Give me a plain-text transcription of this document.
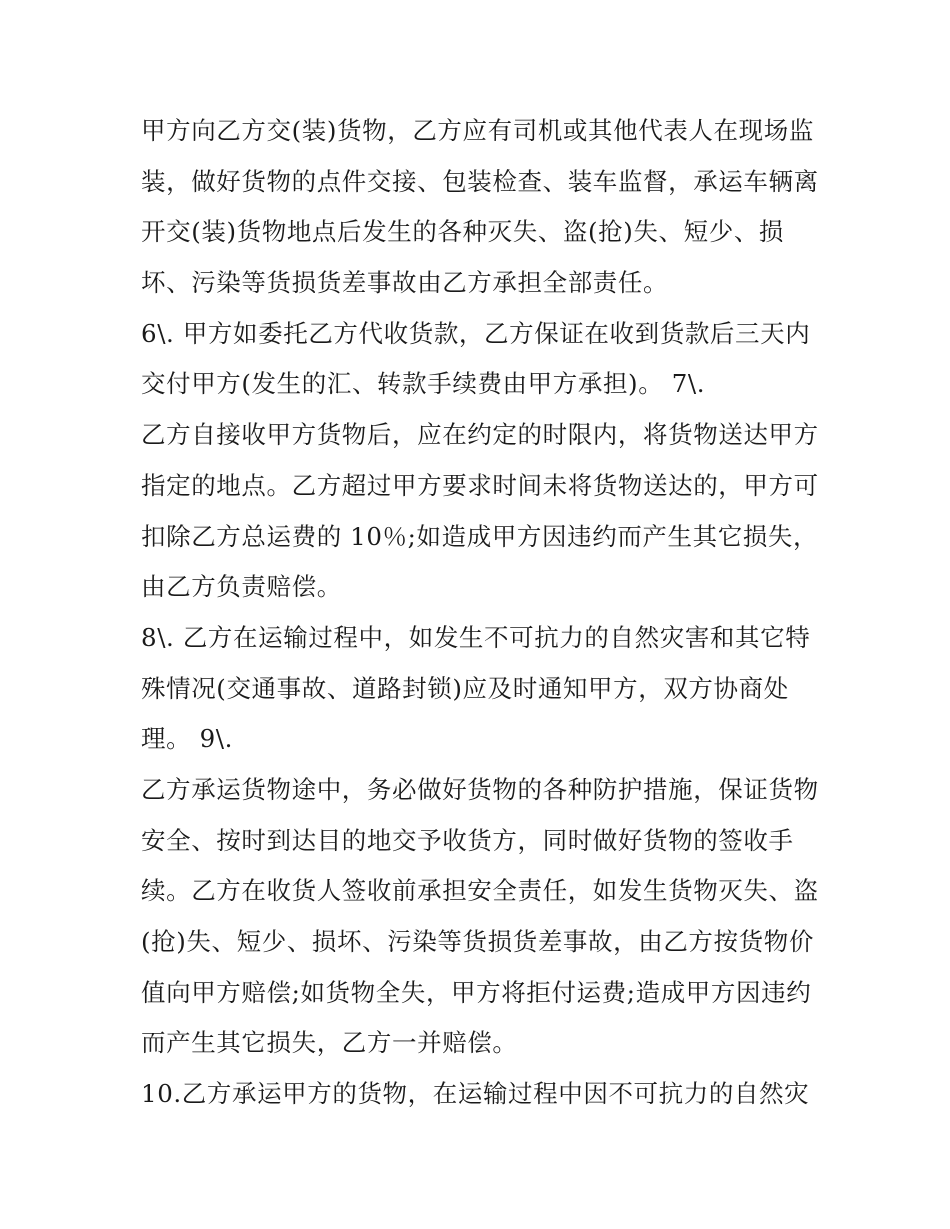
甲方向乙方交(装)货物，乙方应有司机或其他代表人在现场监
装，做好货物的点件交接、包装检查、装车监督，承运车辆离
开交(装)货物地点后发生的各种灭失、盗(抢)失、短少、损
坏、污染等货损货差事故由乙方承担全部责任。
6\. 甲方如委托乙方代收货款，乙方保证在收到货款后三天内
交付甲方(发生的汇、转款手续费由甲方承担)。 7\.
乙方自接收甲方货物后，应在约定的时限内，将货物送达甲方
指定的地点。乙方超过甲方要求时间未将货物送达的，甲方可
扣除乙方总运费的 10％;如造成甲方因违约而产生其它损失，
由乙方负责赔偿。
8\. 乙方在运输过程中，如发生不可抗力的自然灾害和其它特
殊情况(交通事故、道路封锁)应及时通知甲方，双方协商处
理。 9\.
乙方承运货物途中，务必做好货物的各种防护措施，保证货物
安全、按时到达目的地交予收货方，同时做好货物的签收手
续。乙方在收货人签收前承担安全责任，如发生货物灭失、盗
(抢)失、短少、损坏、污染等货损货差事故，由乙方按货物价
值向甲方赔偿;如货物全失，甲方将拒付运费;造成甲方因违约
而产生其它损失，乙方一并赔偿。
10.乙方承运甲方的货物，在运输过程中因不可抗力的自然灾
